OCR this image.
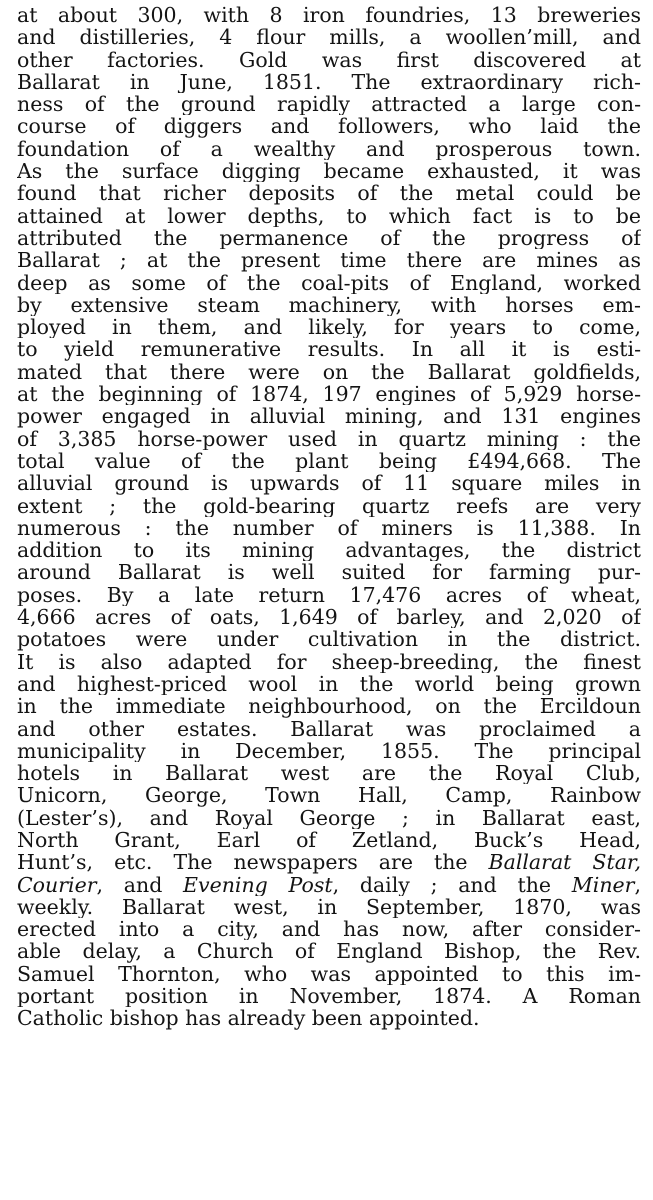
at about 300, with 8 iron foundries, 13 breweries
and distilleries, 4 flour mills, a woollen’mill, and
other factories. Gold was first discovered at
Ballarat in June, 1851. The extraordinary rich-
ness of the ground rapidly attracted a large con-
course of diggers and followers, who laid the
foundation of a wealthy and prosperous town.
As the surface digging became exhausted, it was
found that richer deposits of the metal could be
attained at lower depths, to which fact is to be
attributed the permanence of the progress of
Ballarat ; at the present time there are mines as
deep as some of the coal-pits of England, worked
by extensive steam machinery, with horses em-
ployed in them, and likely, for years to come,
to yield remunerative results. In all it is esti-
mated that there were on the Ballarat goldfields,
at the beginning of 1874, 197 engines of 5,929 horse-
power engaged in alluvial mining, and 131 engines
of 3,385 horse-power used in quartz mining : the
total value of the plant being £494,668. The
alluvial ground is upwards of 11 square miles in
extent ; the gold-bearing quartz reefs are very
numerous : the number of miners is 11,388. In
addition to its mining advantages, the district
around Ballarat is well suited for farming pur-
poses. By a late return 17,476 acres of wheat,
4,666 acres of oats, 1,649 of barley, and 2,020 of
potatoes were under cultivation in the district.
It is also adapted for sheep-breeding, the finest
and highest-priced wool in the world being grown
in the immediate neighbourhood, on the Ercildoun
and other estates. Ballarat was proclaimed a
municipality in December, 1855. The principal
hotels in Ballarat west are the Royal Club,
Unicorn, George, Town Hall, Camp, Rainbow
(Lester’s), and Royal George ; in Ballarat east,
North Grant, Earl of Zetland, Buck’s Head,
Hunt’s, etc. The newspapers are the Ballarat Star,
Courier, and Evening Post, daily ; and the Miner,
weekly. Ballarat west, in September, 1870, was
erected into a city, and has now, after consider-
able delay, a Church of England Bishop, the Rev.
Samuel Thornton, who was appointed to this im-
portant position in November, 1874. A Roman
Catholic bishop has already been appointed.
